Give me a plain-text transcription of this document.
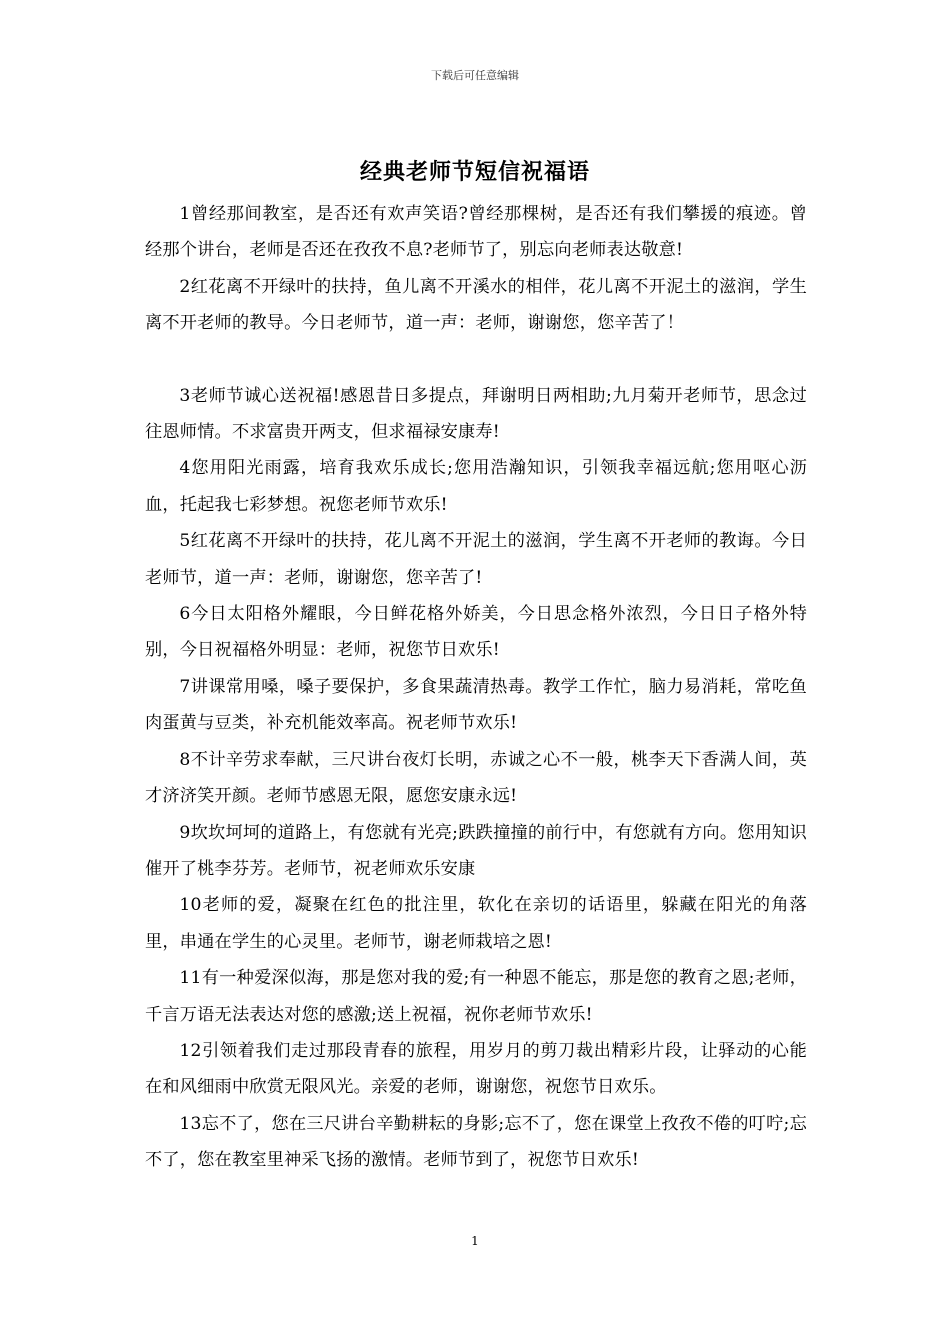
下载后可任意编辑
经典老师节短信祝福语

1曾经那间教室，是否还有欢声笑语?曾经那棵树，是否还有我们攀援的痕迹。曾经那个讲台，老师是否还在孜孜不息?老师节了，别忘向老师表达敬意!

2红花离不开绿叶的扶持，鱼儿离不开溪水的相伴，花儿离不开泥土的滋润，学生离不开老师的教导。今日老师节，道一声：老师，谢谢您，您辛苦了！

3老师节诚心送祝福!感恩昔日多提点，拜谢明日两相助;九月菊开老师节，思念过往恩师情。不求富贵开两支，但求福禄安康寿!

4您用阳光雨露，培育我欢乐成长;您用浩瀚知识，引领我幸福远航;您用呕心沥血，托起我七彩梦想。祝您老师节欢乐!

5红花离不开绿叶的扶持，花儿离不开泥土的滋润，学生离不开老师的教诲。今日老师节，道一声：老师，谢谢您，您辛苦了!

6今日太阳格外耀眼，今日鲜花格外娇美，今日思念格外浓烈，今日日子格外特别，今日祝福格外明显：老师，祝您节日欢乐!

7讲课常用嗓，嗓子要保护，多食果蔬清热毒。教学工作忙，脑力易消耗，常吃鱼肉蛋黄与豆类，补充机能效率高。祝老师节欢乐!

8不计辛劳求奉献，三尺讲台夜灯长明，赤诚之心不一般，桃李天下香满人间，英才济济笑开颜。老师节感恩无限，愿您安康永远!

9坎坎坷坷的道路上，有您就有光亮;跌跌撞撞的前行中，有您就有方向。您用知识催开了桃李芬芳。老师节，祝老师欢乐安康

10老师的爱，凝聚在红色的批注里，软化在亲切的话语里，躲藏在阳光的角落里，串通在学生的心灵里。老师节，谢老师栽培之恩!

11有一种爱深似海，那是您对我的爱;有一种恩不能忘，那是您的教育之恩;老师，千言万语无法表达对您的感激;送上祝福，祝你老师节欢乐!

12引领着我们走过那段青春的旅程，用岁月的剪刀裁出精彩片段，让驿动的心能在和风细雨中欣赏无限风光。亲爱的老师，谢谢您，祝您节日欢乐。

13忘不了，您在三尺讲台辛勤耕耘的身影;忘不了，您在课堂上孜孜不倦的叮咛;忘不了，您在教室里神采飞扬的激情。老师节到了，祝您节日欢乐!

1
